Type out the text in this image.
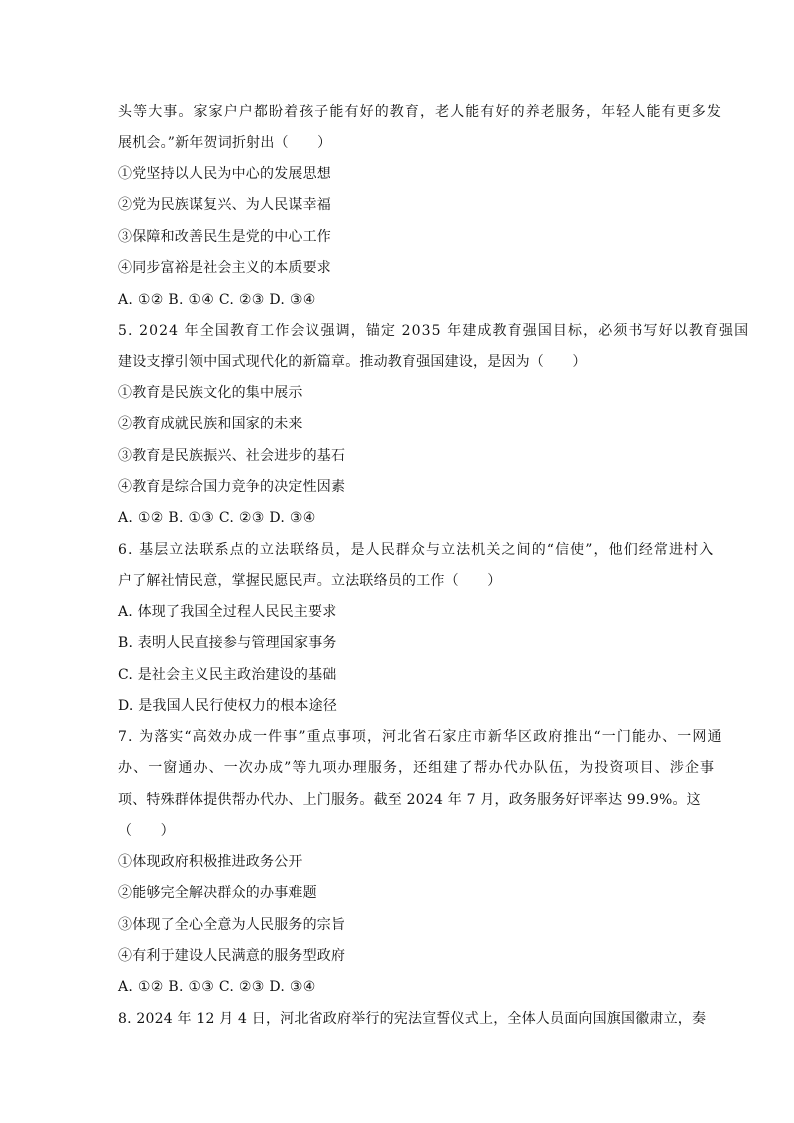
头等大事。家家户户都盼着孩子能有好的教育，老人能有好的养老服务，年轻人能有更多发
展机会。”新年贺词折射出（　　）
①党坚持以人民为中心的发展思想
②党为民族谋复兴、为人民谋幸福
③保障和改善民生是党的中心工作
④同步富裕是社会主义的本质要求
A. ①② B. ①④ C. ②③ D. ③④
5. 2024 年全国教育工作会议强调，锚定 2035 年建成教育强国目标，必须书写好以教育强国
建设支撑引领中国式现代化的新篇章。推动教育强国建设，是因为（　　）
①教育是民族文化的集中展示
②教育成就民族和国家的未来
③教育是民族振兴、社会进步的基石
④教育是综合国力竞争的决定性因素
A. ①② B. ①③ C. ②③ D. ③④
6. 基层立法联系点的立法联络员，是人民群众与立法机关之间的“信使”，他们经常进村入
户了解社情民意，掌握民愿民声。立法联络员的工作（　　）
A. 体现了我国全过程人民民主要求
B. 表明人民直接参与管理国家事务
C. 是社会主义民主政治建设的基础
D. 是我国人民行使权力的根本途径
7. 为落实“高效办成一件事”重点事项，河北省石家庄市新华区政府推出“一门能办、一网通
办、一窗通办、一次办成”等九项办理服务，还组建了帮办代办队伍，为投资项目、涉企事
项、特殊群体提供帮办代办、上门服务。截至 2024 年 7 月，政务服务好评率达 99.9%。这
（　　）
①体现政府积极推进政务公开
②能够完全解决群众的办事难题
③体现了全心全意为人民服务的宗旨
④有利于建设人民满意的服务型政府
A. ①② B. ①③ C. ②③ D. ③④
8. 2024 年 12 月 4 日，河北省政府举行的宪法宣誓仪式上，全体人员面向国旗国徽肃立，奏
